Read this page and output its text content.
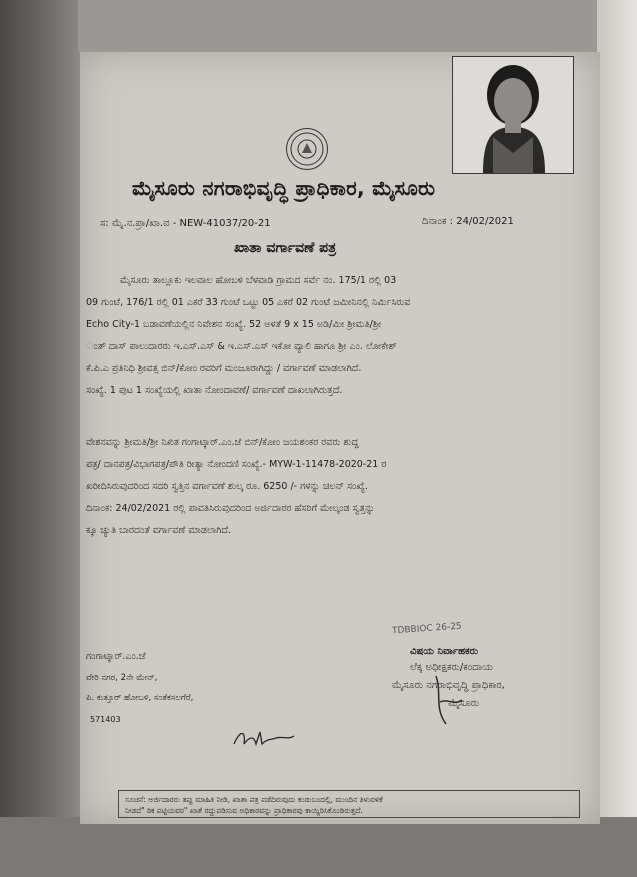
ಮೈಸೂರು ನಗರಾಭಿವೃದ್ಧಿ ಪ್ರಾಧಿಕಾರ, ಮೈಸೂರು
ಸ: ಮೈ.ನ.ಪ್ರಾ/ಖಾ.ವ - NEW-41037/20-21	ದಿನಾಂಕ : 24/02/2021
ಖಾತಾ ವರ್ಗಾವಣೆ ಪತ್ರ
ಮೈಸೂರು ತಾಲ್ಲೂಕು ಇಲವಾಲ ಹೋಬಳಿ ಬೆಳವಾಡಿ ಗ್ರಾಮದ ಸರ್ವೆ ನಂ. 175/1 ರಲ್ಲಿ 03
09 ಗುಂಟೆ, 176/1 ರಲ್ಲಿ 01 ಎಕರೆ 33 ಗುಂಟೆ ಒಟ್ಟು 05 ಎಕರೆ 02 ಗುಂಟೆ ಜಮೀನಿನಲ್ಲಿ ನಿರ್ಮಿಸಿರುವ
Echo City-1 ಬಡಾವಣೆಯಲ್ಲಿನ ನಿವೇಶನ ಸಂಖ್ಯೆ. 52 ಅಳತೆ 9 x 15 ಅಡಿ/ಮೀ ಶ್ರೀಮತಿ/ಶ್ರೀ
ಂತ್ ದಾಸ್ ಪಾಲುದಾರರು ಇ.ಎಸ್.ಎಸ್ & ಇ.ಎಸ್.ಎಸ್ ಇಕೋ ವ್ಯಾಲಿ ಹಾಗೂ ಶ್ರೀ ಎಂ. ಲೋಕೇಶ್
ಕೆ.ಪಿ.ಎ ಪ್ರತಿನಿಧಿ ಶ್ರೀವತ್ಸ ಬಿನ್/ಕೋಂ ರವರಿಗೆ ಮಂಜೂರಾಗಿದ್ದು / ವರ್ಗಾವಣೆ ಮಾಡಲಾಗಿದೆ.
ಸಂಖ್ಯೆ. 1 ಪುಟ 1 ಸಂಖ್ಯೆಯಲ್ಲಿ ಖಾತಾ ನೋಂದಾವಣೆ/ ವರ್ಗಾವಣೆ ದಾಖಲಾಗಿರುತ್ತದೆ.
ವೇಶನವನ್ನು ಶ್ರೀಮತಿ/ಶ್ರೀ ನಿಖಿತ ಗಂಗಾಟ್ಕಾರ್.ಎಂ.ಜೆ ಬಿನ್/ಕೋಂ ಜಯಶಂಕರ ರವರು ಶುದ್ಧ
ಪತ್ರ/ ದಾನಪತ್ರ/ವಿಭಾಗಪತ್ರ/ಪೌತಿ ರೀತ್ಯಾ ನೋಂದಣಿ ಸಂಖ್ಯೆ.- MYW-1-11478-2020-21 ರ
ಖರೀದಿಸಿರುವುದರಿಂದ ಸದರಿ ಸ್ವತ್ತಿನ ವರ್ಗಾವಣೆ ಶುಲ್ಕ ರೂ. 6250 /- ಗಳನ್ನು ಚಲನ್ ಸಂಖ್ಯೆ.
ದಿನಾಂಕ: 24/02/2021 ರಲ್ಲಿ ಪಾವತಿಸಿರುವುದರಿಂದ ಅರ್ಜಿದಾರರ ಹೆಸರಿಗೆ ಮೇಲ್ಕಂಡ ಸ್ವತ್ತನ್ನು
ಕ್ಕೂ ಚ್ಯುತಿ ಬಾರದಂತೆ ವರ್ಗಾವಣೆ ಮಾಡಲಾಗಿದೆ.
TDBBIOC 26-25
ವಿಷಯ ನಿರ್ವಾಹಕರು
ಲೆಕ್ಕ ಅಧೀಕ್ಷಕರು/ಕಂದಾಯ
ಮೈಸೂರು ನಗರಾಭಿವೃದ್ಧಿ ಪ್ರಾಧಿಕಾರ,
ಮೈಸೂರು
ಗಂಗಾಟ್ಕಾರ್.ಎಂ.ಜೆ
ವೇರಿ ನಗರ, 2ನೇ ಮೇನ್,
ಪಿ. ಕುತ್ತೂರ್ ಹೋಬಳಿ, ಸಂತೆಕಸಲಗೆರೆ,
571403
ಸೂಚನೆ: ಅರ್ಜಿದಾರರು ತಪ್ಪು ಮಾಹಿತಿ ನೀಡಿ, ಖಾತಾ ಪತ್ರ ಪಡೆದಿರುವುದು ಕಂಡುಬಂದಲ್ಲಿ, ಮುಂದಿನ ತಿಳುವಳಿಕೆ
ನೀಡದೆ" ಠಿಕ ಪಟ್ಟಿಯವರ" ಖಾತೆ ರದ್ದುಪಡಿಸುವ ಅಧಿಕಾರವನ್ನು ಪ್ರಾಧಿಕಾರವು ಕಾಯ್ದಿರಿಸಿಕೊಂಡಿರುತ್ತದೆ.
